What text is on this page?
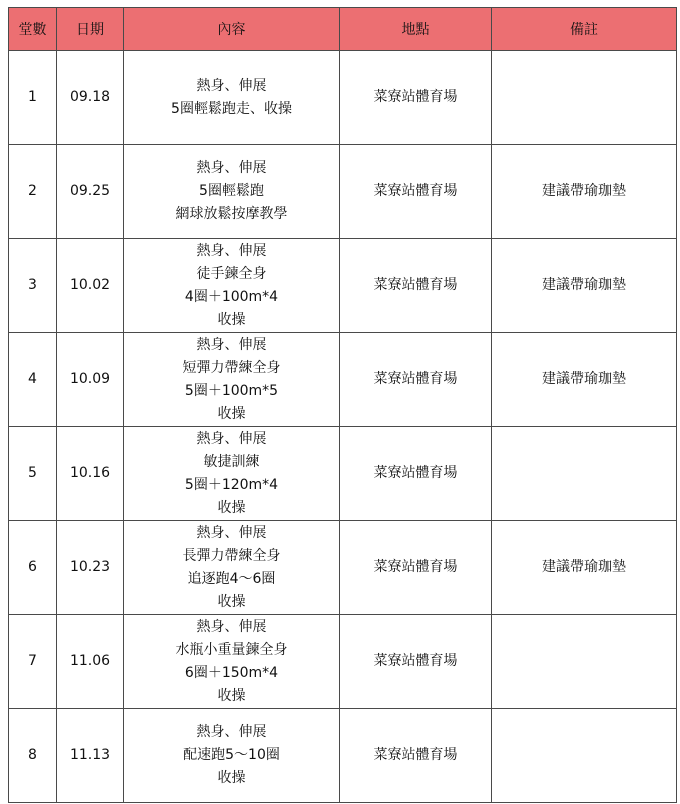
堂數	日期	內容	地點	備註
1	09.18	熱身、伸展
5圈輕鬆跑走、收操	菜寮站體育場	
2	09.25	熱身、伸展
5圈輕鬆跑
網球放鬆按摩教學	菜寮站體育場	建議帶瑜珈墊
3	10.02	熱身、伸展
徒手鍊全身
4圈＋100m*4
收操	菜寮站體育場	建議帶瑜珈墊
4	10.09	熱身、伸展
短彈力帶練全身
5圈＋100m*5
收操	菜寮站體育場	建議帶瑜珈墊
5	10.16	熱身、伸展
敏捷訓練
5圈＋120m*4
收操	菜寮站體育場	
6	10.23	熱身、伸展
長彈力帶練全身
追逐跑4～6圈
收操	菜寮站體育場	建議帶瑜珈墊
7	11.06	熱身、伸展
水瓶小重量鍊全身
6圈＋150m*4
收操	菜寮站體育場	
8	11.13	熱身、伸展
配速跑5～10圈
收操	菜寮站體育場	
